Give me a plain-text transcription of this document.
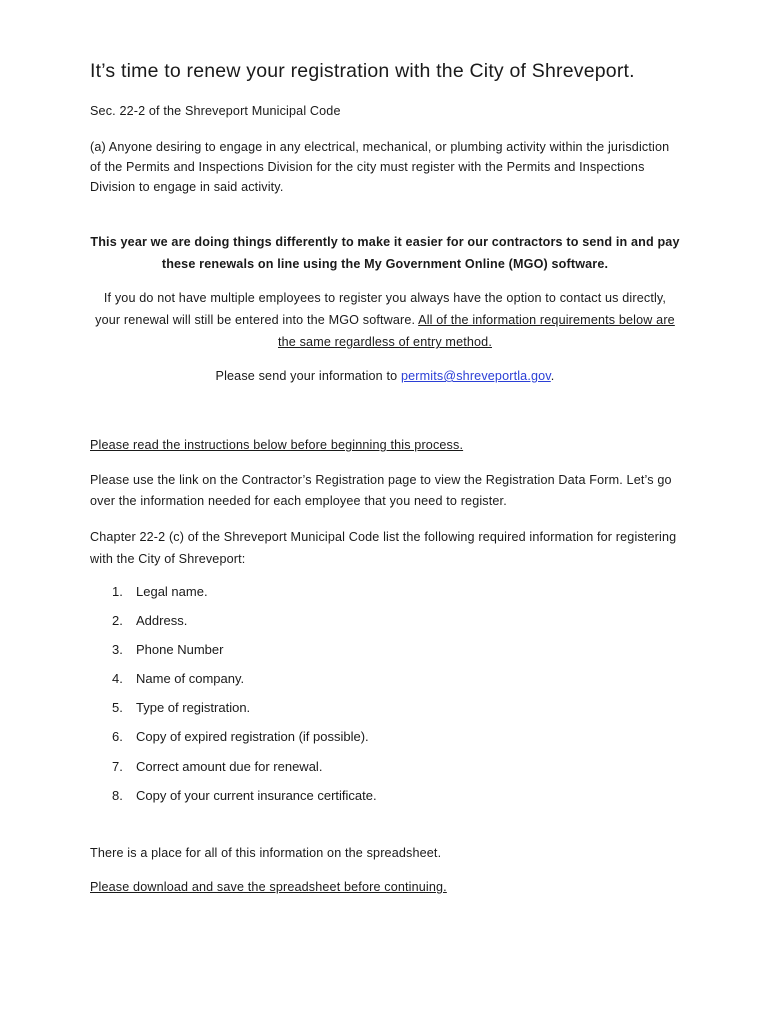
It’s time to renew your registration with the City of Shreveport.

Sec. 22-2 of the Shreveport Municipal Code

(a) Anyone desiring to engage in any electrical, mechanical, or plumbing activity within the jurisdiction of the Permits and Inspections Division for the city must register with the Permits and Inspections Division to engage in said activity.

This year we are doing things differently to make it easier for our contractors to send in and pay these renewals on line using the My Government Online (MGO) software.

If you do not have multiple employees to register you always have the option to contact us directly, your renewal will still be entered into the MGO software. All of the information requirements below are the same regardless of entry method.

Please send your information to permits@shreveportla.gov.

Please read the instructions below before beginning this process.

Please use the link on the Contractor’s Registration page to view the Registration Data Form. Let’s go over the information needed for each employee that you need to register.

Chapter 22-2 (c) of the Shreveport Municipal Code list the following required information for registering with the City of Shreveport:

1. Legal name.
2. Address.
3. Phone Number
4. Name of company.
5. Type of registration.
6. Copy of expired registration (if possible).
7. Correct amount due for renewal.
8. Copy of your current insurance certificate.

There is a place for all of this information on the spreadsheet.

Please download and save the spreadsheet before continuing.
